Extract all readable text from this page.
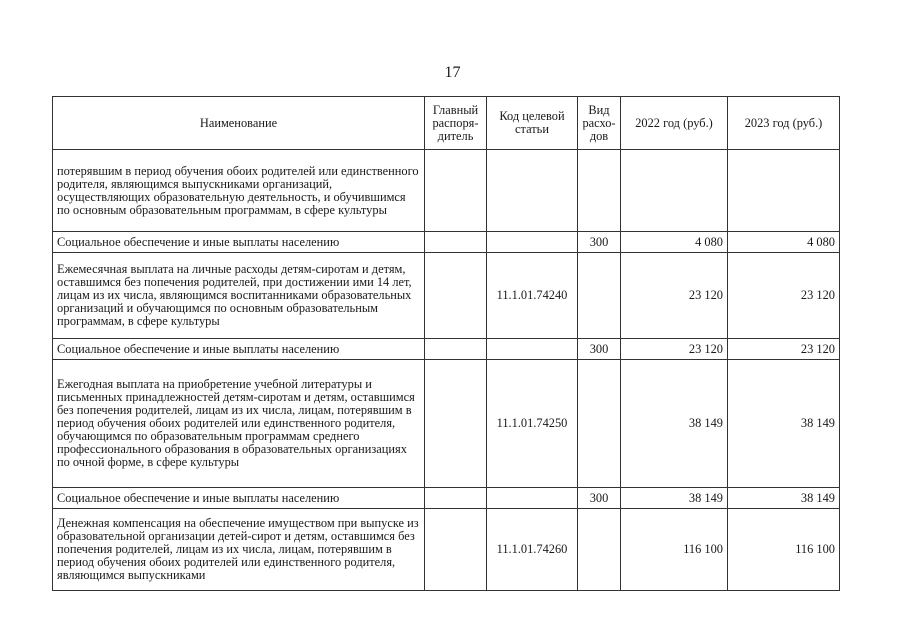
17
Наименование	Главный распоря-дитель	Код целевой статьи	Вид расхо-дов	2022 год (руб.)	2023 год (руб.)
потерявшим в период обучения обоих родителей или единственного родителя, являющимся выпускниками организаций, осуществляющих образовательную деятельность, и обучившимся по основным образовательным программам, в сфере культуры					
Социальное обеспечение и иные выплаты населению			300	4 080	4 080
Ежемесячная выплата на личные расходы детям-сиротам и детям, оставшимся без попечения родителей, при достижении ими 14 лет, лицам из их числа, являющимся воспитанниками образовательных организаций и обучающимся по основным образовательным программам, в сфере культуры		11.1.01.74240		23 120	23 120
Социальное обеспечение и иные выплаты населению			300	23 120	23 120
Ежегодная выплата на приобретение учебной литературы и письменных принадлежностей детям-сиротам и детям, оставшимся без попечения родителей, лицам из их числа, лицам, потерявшим в период обучения обоих родителей или единственного родителя, обучающимся по образовательным программам среднего профессионального образования в образовательных организациях по очной форме, в сфере культуры		11.1.01.74250		38 149	38 149
Социальное обеспечение и иные выплаты населению			300	38 149	38 149
Денежная компенсация на обеспечение имуществом при выпуске из образовательной организации детей-сирот и детям, оставшимся без попечения родителей, лицам из их числа, лицам, потерявшим в период обучения обоих родителей или единственного родителя, являющимся выпускниками		11.1.01.74260		116 100	116 100
